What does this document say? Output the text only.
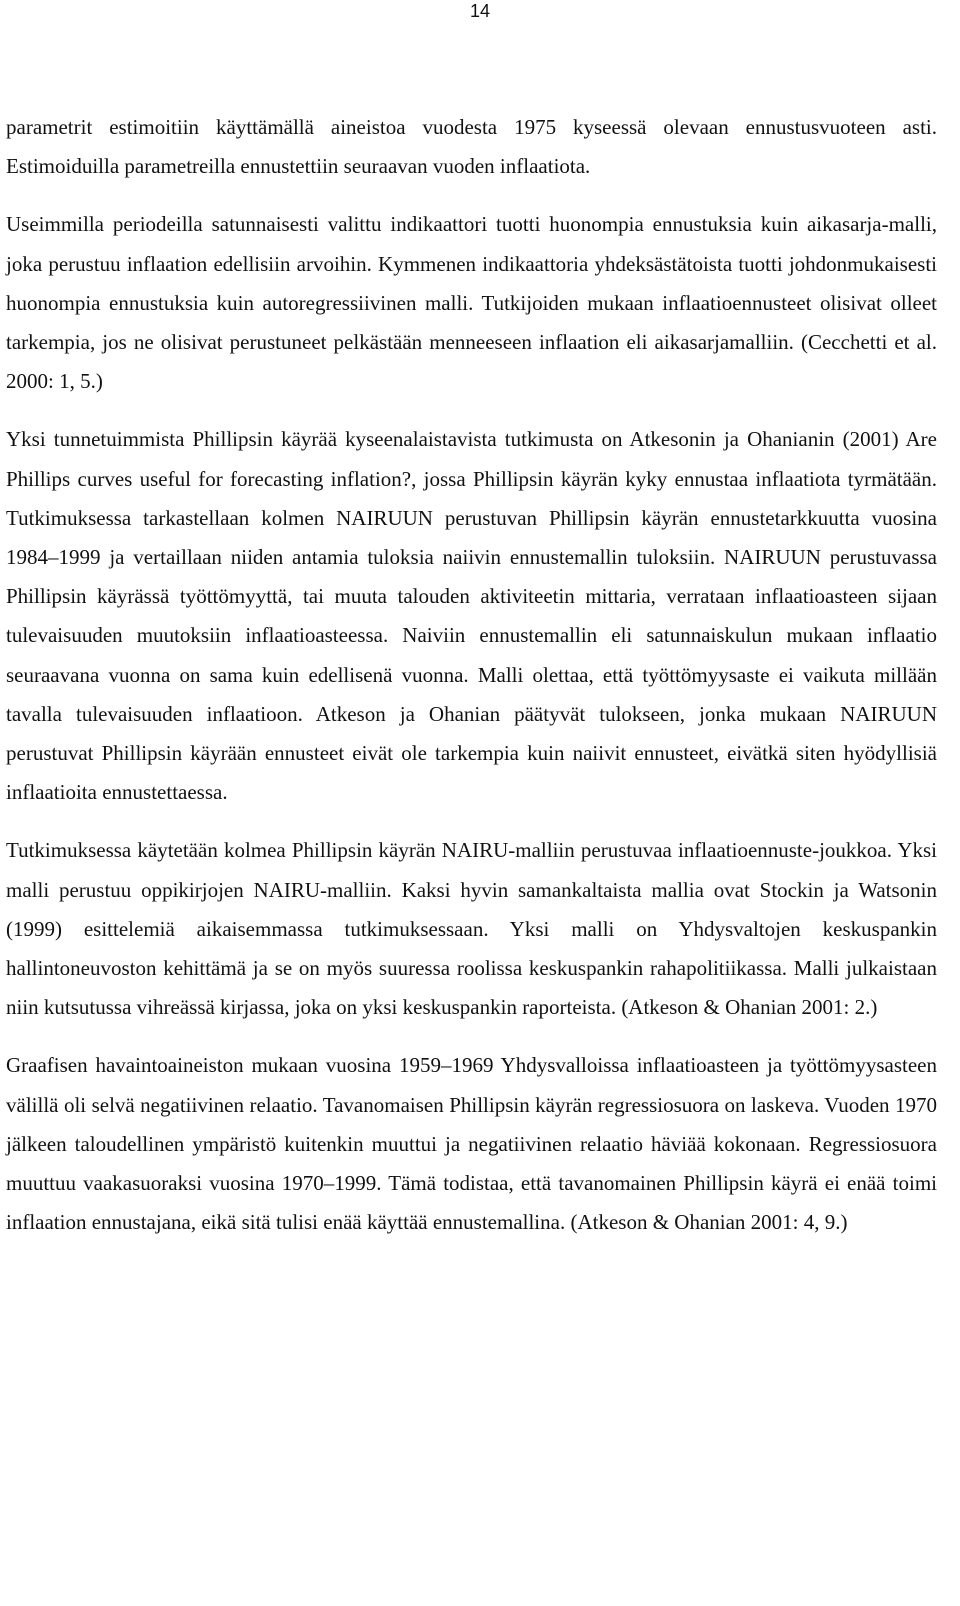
14

parametrit estimoitiin käyttämällä aineistoa vuodesta 1975 kyseessä olevaan ennustusvuoteen asti. Estimoiduilla parametreilla ennustettiin seuraavan vuoden inflaatiota.

Useimmilla periodeilla satunnaisesti valittu indikaattori tuotti huonompia ennustuksia kuin aikasarja-malli, joka perustuu inflaation edellisiin arvoihin. Kymmenen indikaattoria yhdeksästätoista tuotti johdonmukaisesti huonompia ennustuksia kuin autoregressiivinen malli. Tutkijoiden mukaan inflaatioennusteet olisivat olleet tarkempia, jos ne olisivat perustuneet pelkästään menneeseen inflaation eli aikasarjamalliin. (Cecchetti et al. 2000: 1, 5.)

Yksi tunnetuimmista Phillipsin käyrää kyseenalaistavista tutkimusta on Atkesonin ja Ohanianin (2001) Are Phillips curves useful for forecasting inflation?, jossa Phillipsin käyrän kyky ennustaa inflaatiota tyrmätään. Tutkimuksessa tarkastellaan kolmen NAIRUUN perustuvan Phillipsin käyrän ennustetarkkuutta vuosina 1984–1999 ja vertaillaan niiden antamia tuloksia naiivin ennustemallin tuloksiin. NAIRUUN perustuvassa Phillipsin käyrässä työttömyyttä, tai muuta talouden aktiviteetin mittaria, verrataan inflaatioasteen sijaan tulevaisuuden muutoksiin inflaatioasteessa. Naiviin ennustemallin eli satunnaiskulun mukaan inflaatio seuraavana vuonna on sama kuin edellisenä vuonna. Malli olettaa, että työttömyysaste ei vaikuta millään tavalla tulevaisuuden inflaatioon. Atkeson ja Ohanian päätyvät tulokseen, jonka mukaan NAIRUUN perustuvat Phillipsin käyrään ennusteet eivät ole tarkempia kuin naiivit ennusteet, eivätkä siten hyödyllisiä inflaatioita ennustettaessa.

Tutkimuksessa käytetään kolmea Phillipsin käyrän NAIRU-malliin perustuvaa inflaatioennuste-joukkoa. Yksi malli perustuu oppikirjojen NAIRU-malliin. Kaksi hyvin samankaltaista mallia ovat Stockin ja Watsonin (1999) esittelemiä aikaisemmassa tutkimuksessaan. Yksi malli on Yhdysvaltojen keskuspankin hallintoneuvoston kehittämä ja se on myös suuressa roolissa keskuspankin rahapolitiikassa. Malli julkaistaan niin kutsutussa vihreässä kirjassa, joka on yksi keskuspankin raporteista. (Atkeson & Ohanian 2001: 2.)

Graafisen havaintoaineiston mukaan vuosina 1959–1969 Yhdysvalloissa inflaatioasteen ja työttömyysasteen välillä oli selvä negatiivinen relaatio. Tavanomaisen Phillipsin käyrän regressiosuora on laskeva. Vuoden 1970 jälkeen taloudellinen ympäristö kuitenkin muuttui ja negatiivinen relaatio häviää kokonaan. Regressiosuora muuttuu vaakasuoraksi vuosina 1970–1999. Tämä todistaa, että tavanomainen Phillipsin käyrä ei enää toimi inflaation ennustajana, eikä sitä tulisi enää käyttää ennustemallina. (Atkeson & Ohanian 2001: 4, 9.)
